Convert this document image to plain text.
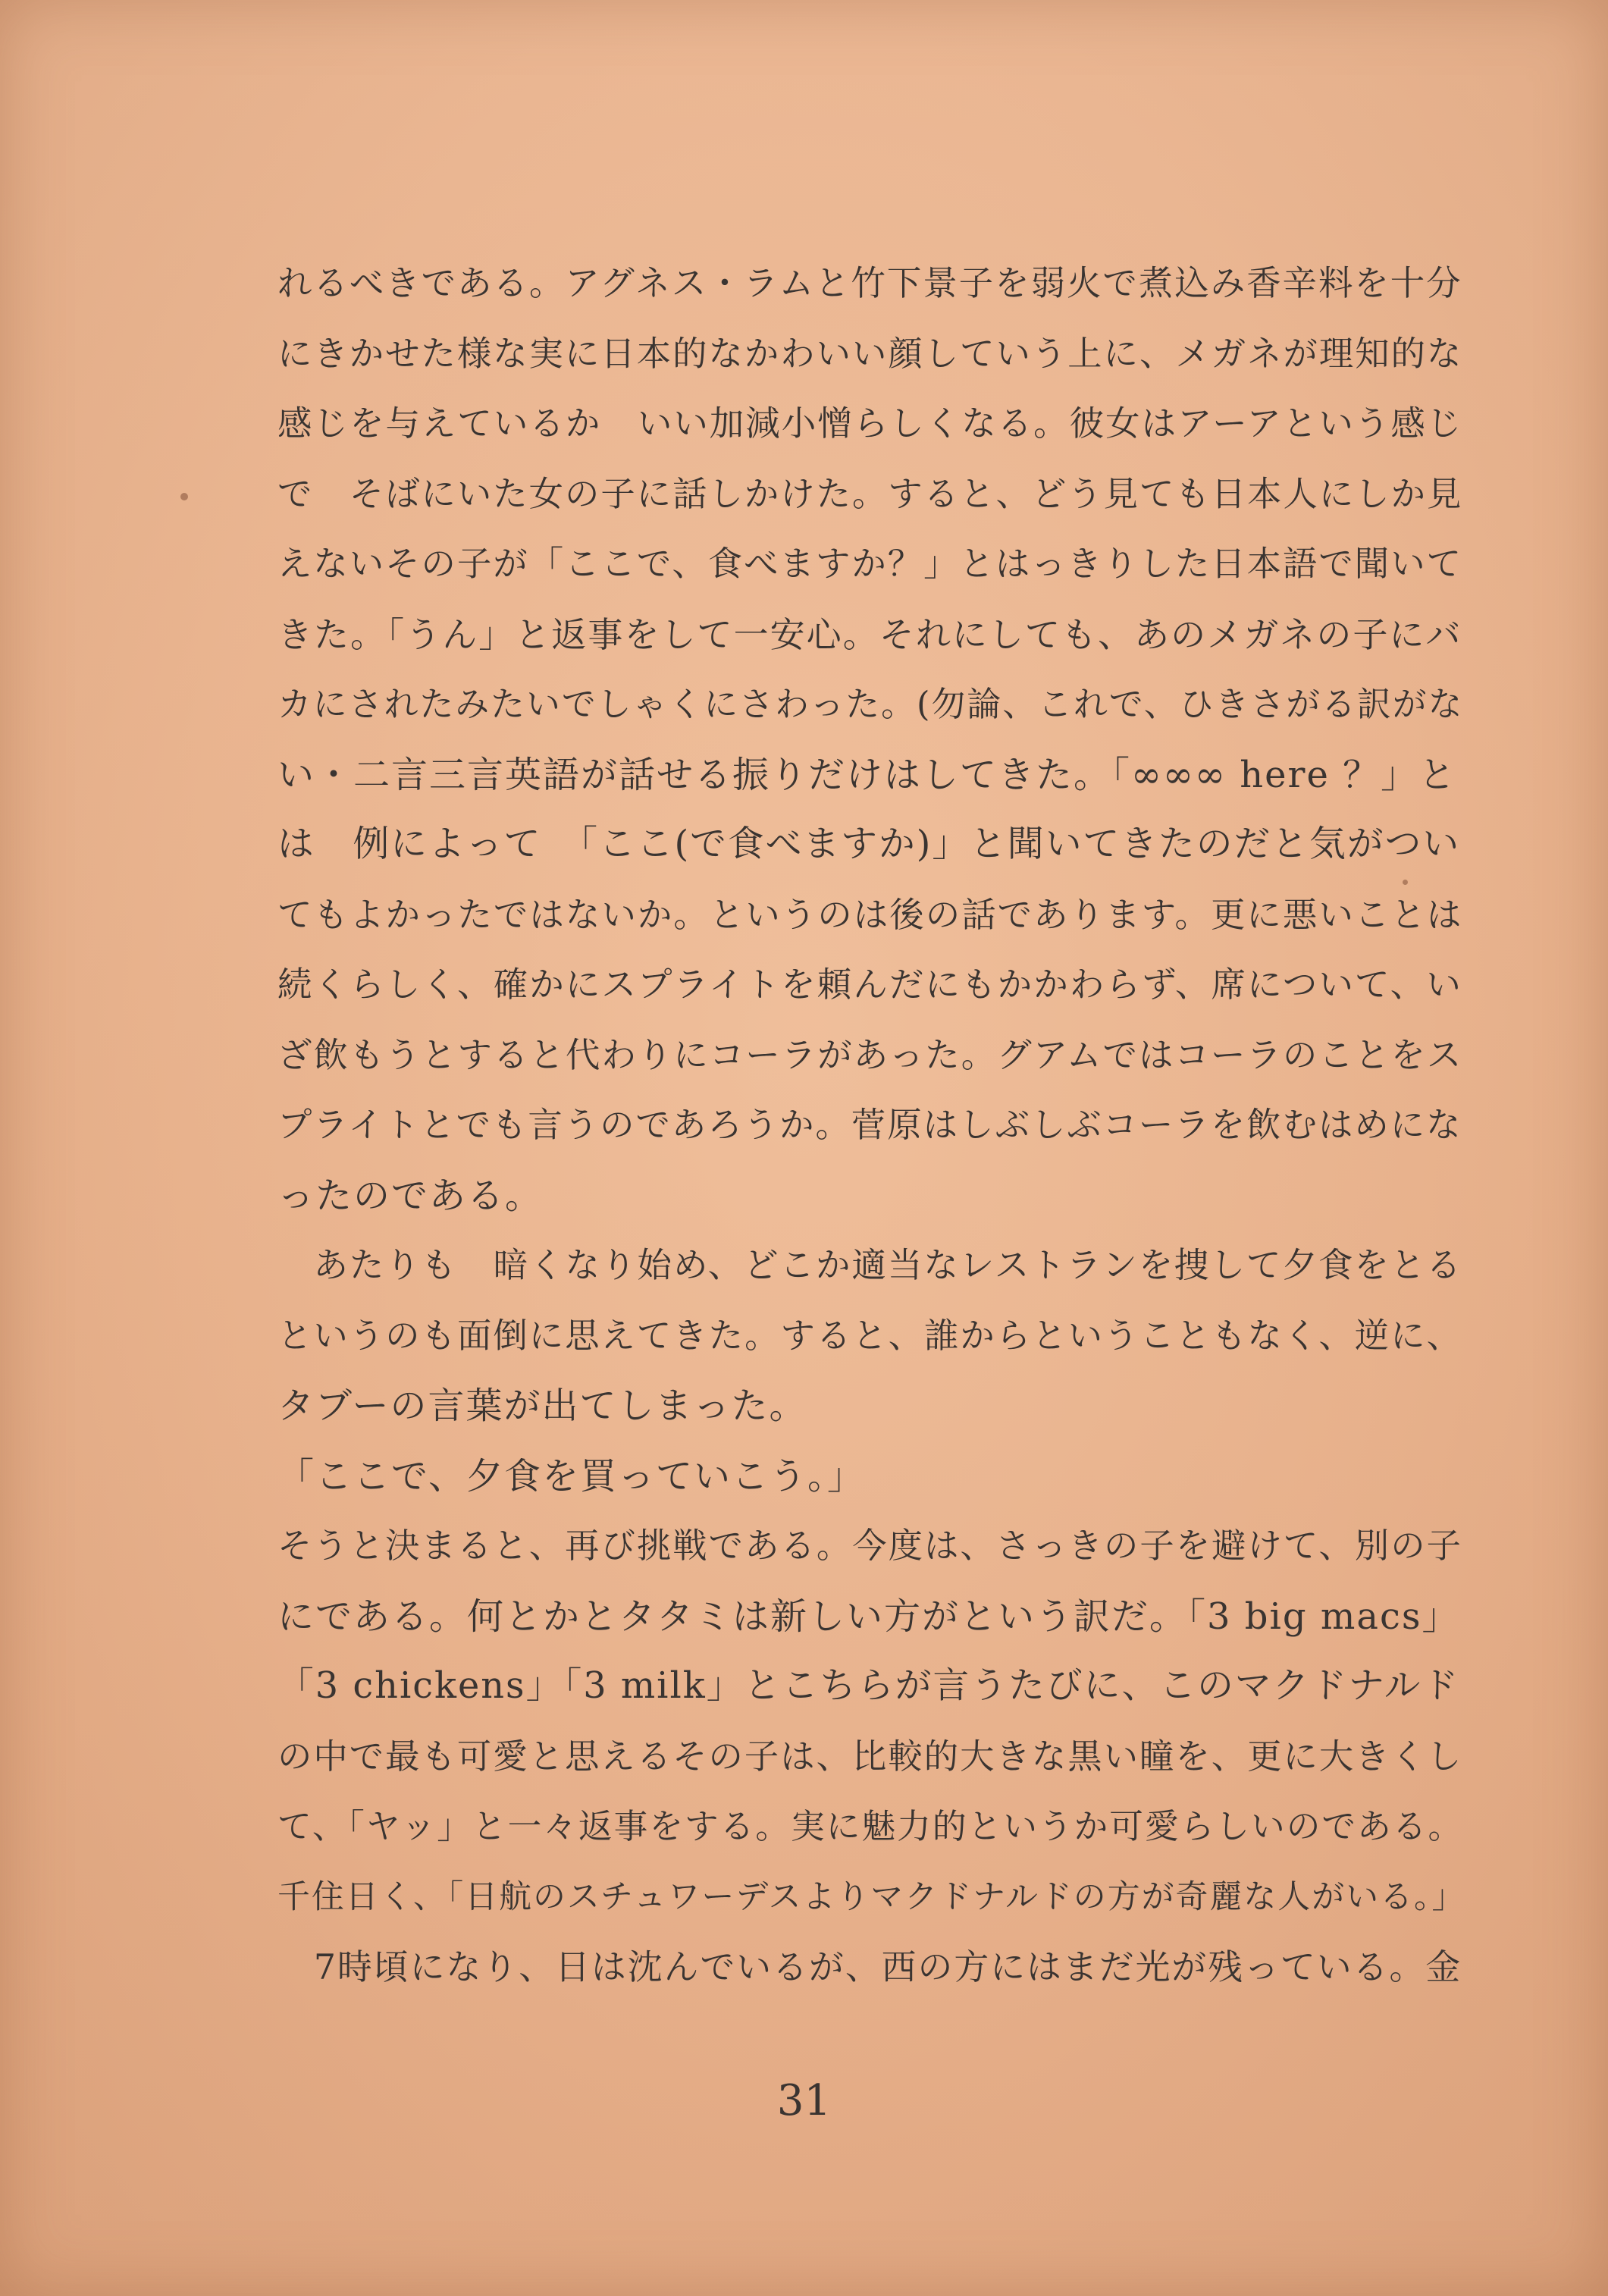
れるべきである。アグネス・ラムと竹下景子を弱火で煮込み香辛料を十分
にきかせた様な実に日本的なかわいい顔していう上に、メガネが理知的な
感じを与えているか　いい加減小憎らしくなる。彼女はアーアという感じ
で　そばにいた女の子に話しかけた。すると、どう見ても日本人にしか見
えないその子が「ここで、食べますか？」とはっきりした日本語で聞いて
きた。「うん」と返事をして一安心。それにしても、あのメガネの子にバ
カにされたみたいでしゃくにさわった。(勿論、これで、ひきさがる訳がな
い・二言三言英語が話せる振りだけはしてきた。「∞∞∞ here ？」と
は　例によって　「ここ(で食べますか)」と聞いてきたのだと気がつい
てもよかったではないか。というのは後の話であります。更に悪いことは
続くらしく、確かにスプライトを頼んだにもかかわらず、席について、い
ざ飲もうとすると代わりにコーラがあった。グアムではコーラのことをス
プライトとでも言うのであろうか。菅原はしぶしぶコーラを飲むはめにな
ったのである。
　あたりも　暗くなり始め、どこか適当なレストランを捜して夕食をとる
というのも面倒に思えてきた。すると、誰からということもなく、逆に、
タブーの言葉が出てしまった。
「ここで、夕食を買っていこう。」
そうと決まると、再び挑戦である。今度は、さっきの子を避けて、別の子
にである。何とかとタタミは新しい方がという訳だ。「3 big macs」
「3 chickens」「3 milk」とこちらが言うたびに、このマクドナルド
の中で最も可愛と思えるその子は、比較的大きな黒い瞳を、更に大きくし
て、「ヤッ」と一々返事をする。実に魅力的というか可愛らしいのである。
千住日く、「日航のスチュワーデスよりマクドナルドの方が奇麗な人がいる。」
　7時頃になり、日は沈んでいるが、西の方にはまだ光が残っている。金
31
